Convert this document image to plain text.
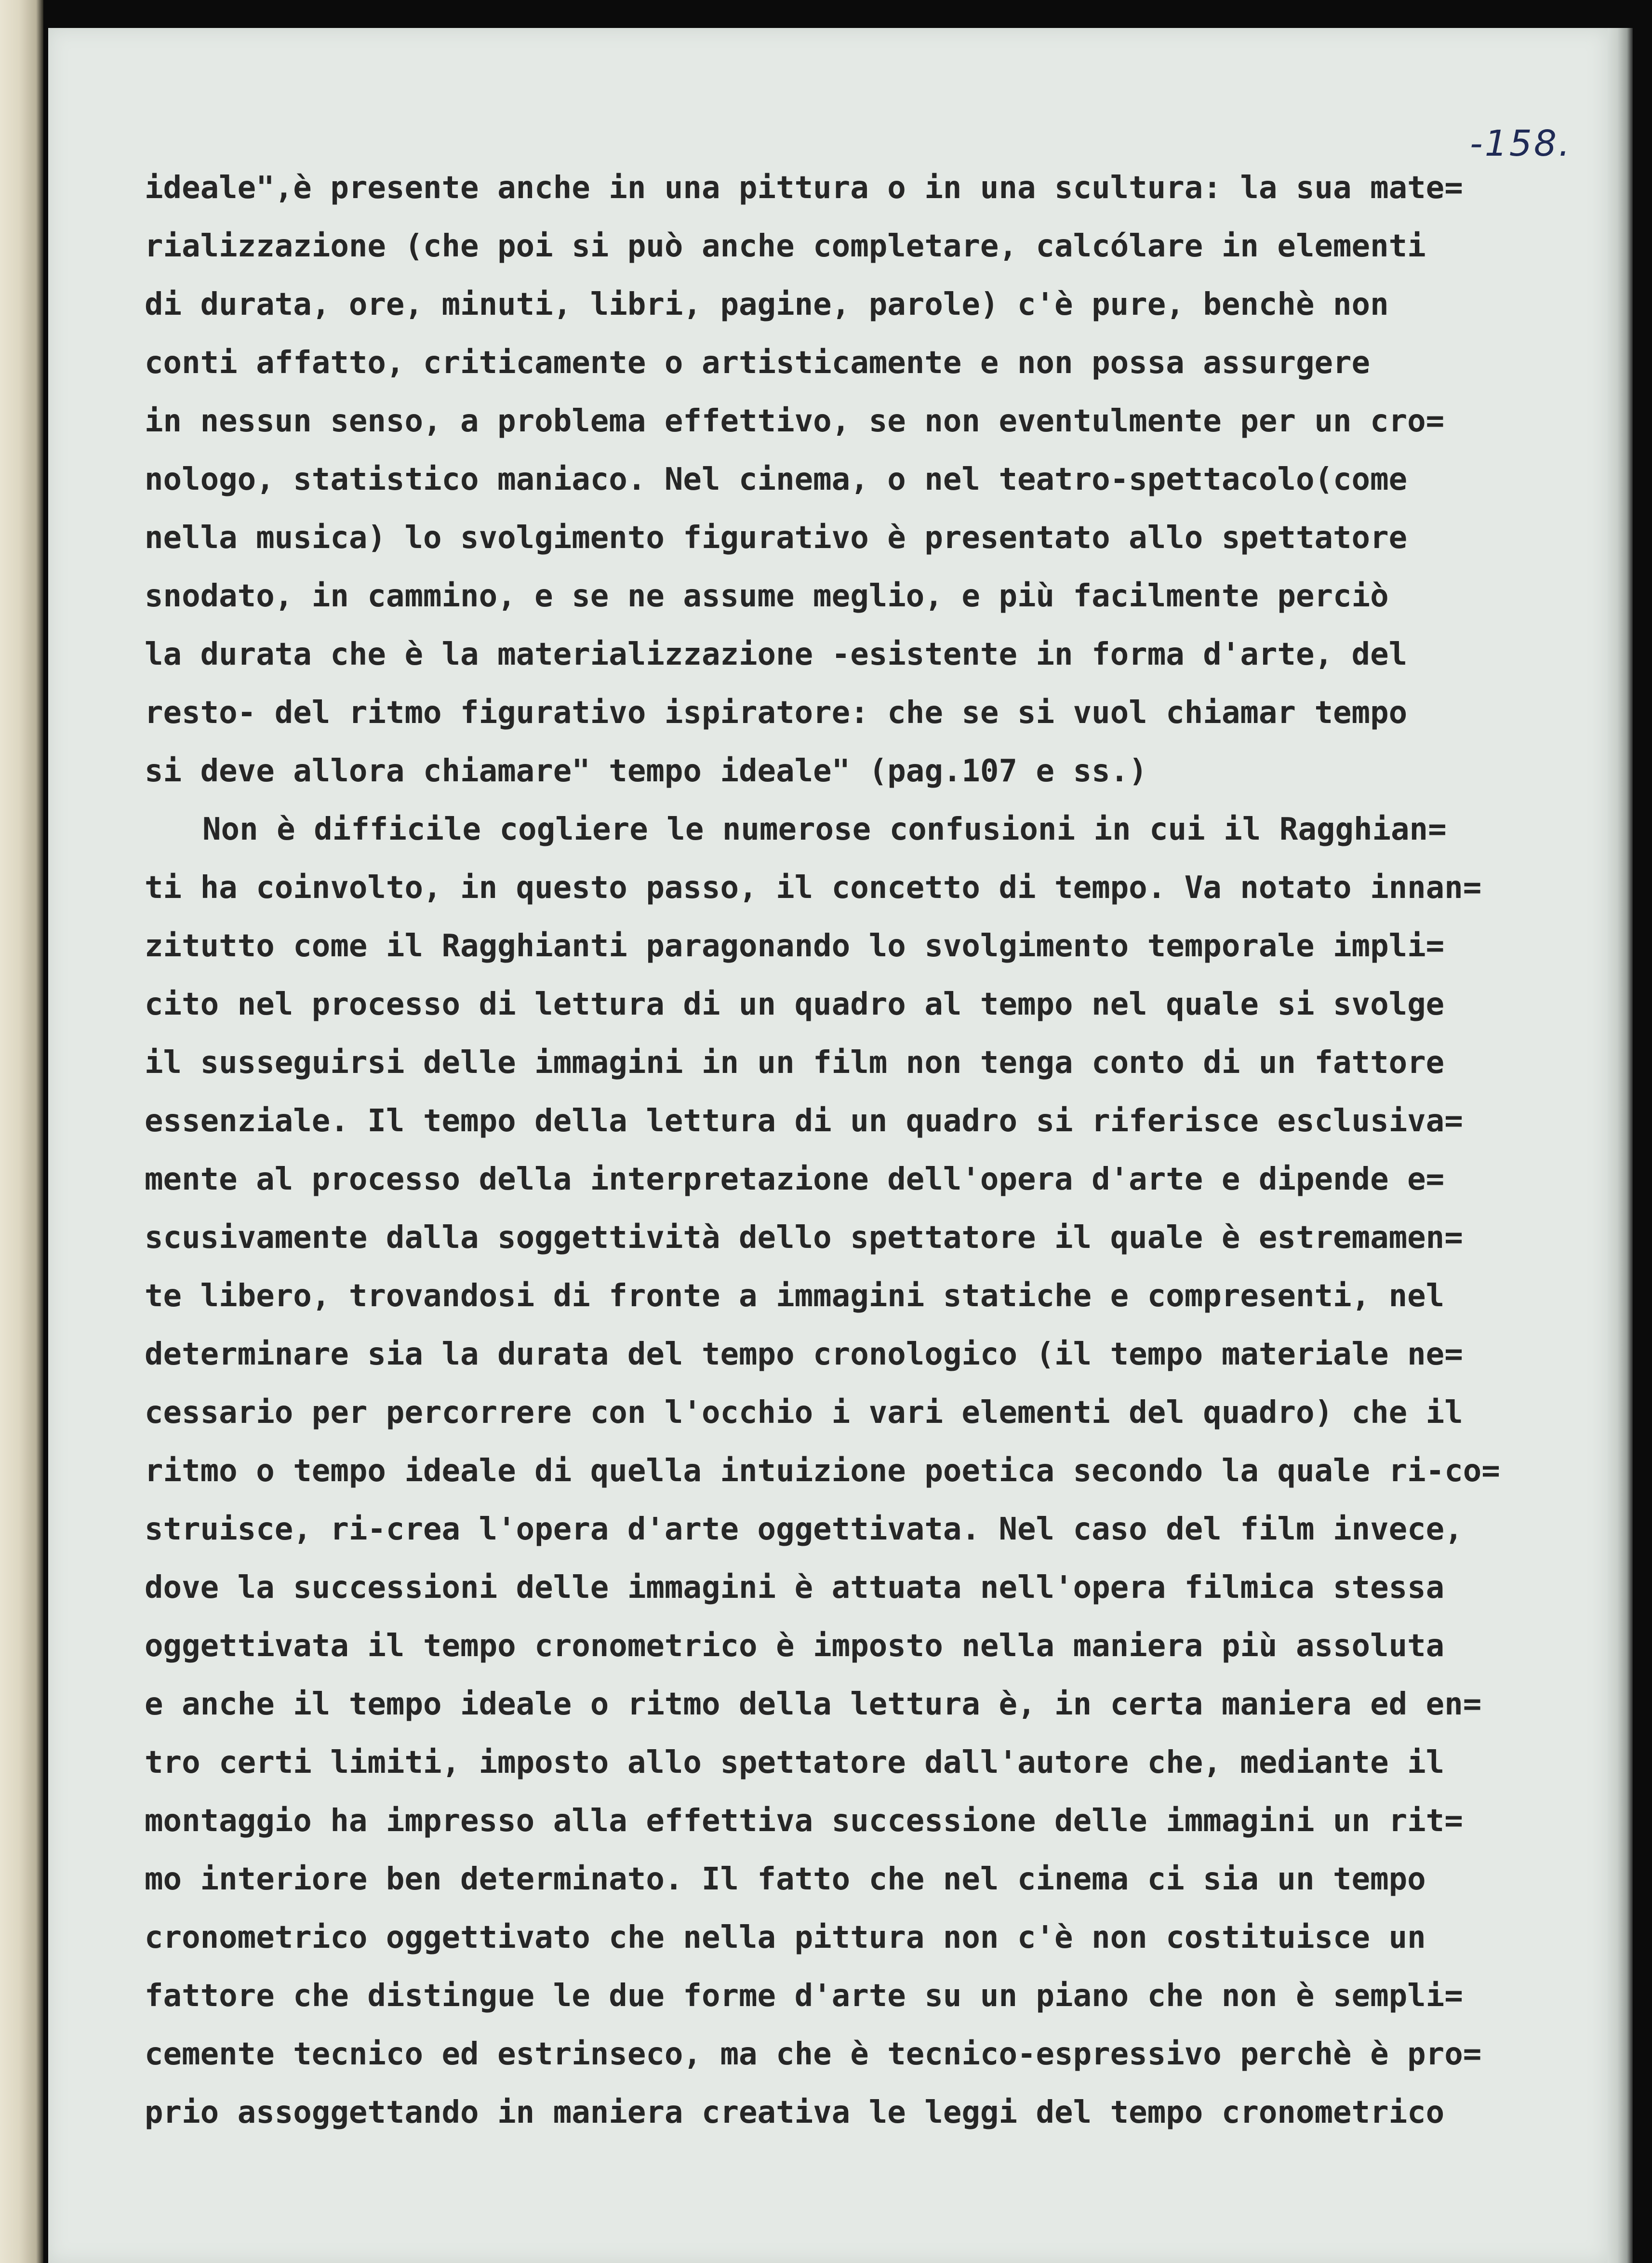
-158.
ideale",è presente anche in una pittura o in una scultura: la sua mate=
rializzazione (che poi si può anche completare, calcólare in elementi
di durata, ore, minuti, libri, pagine, parole) c'è pure, benchè non
conti affatto, criticamente o artisticamente e non possa assurgere
in nessun senso, a problema effettivo, se non eventulmente per un cro=
nologo, statistico maniaco. Nel cinema, o nel teatro-spettacolo(come
nella musica) lo svolgimento figurativo è presentato allo spettatore
snodato, in cammino, e se ne assume meglio, e più facilmente perciò
la durata che è la materializzazione -esistente in forma d'arte, del
resto- del ritmo figurativo ispiratore: che se si vuol chiamar tempo
si deve allora chiamare" tempo ideale" (pag.107 e ss.)
Non è difficile cogliere le numerose confusioni in cui il Ragghian=
ti ha coinvolto, in questo passo, il concetto di tempo. Va notato innan=
zitutto come il Ragghianti paragonando lo svolgimento temporale impli=
cito nel processo di lettura di un quadro al tempo nel quale si svolge
il susseguirsi delle immagini in un film non tenga conto di un fattore
essenziale. Il tempo della lettura di un quadro si riferisce esclusiva=
mente al processo della interpretazione dell'opera d'arte e dipende e=
scusivamente dalla soggettività dello spettatore il quale è estremamen=
te libero, trovandosi di fronte a immagini statiche e compresenti, nel
determinare sia la durata del tempo cronologico (il tempo materiale ne=
cessario per percorrere con l'occhio i vari elementi del quadro) che il
ritmo o tempo ideale di quella intuizione poetica secondo la quale ri-co=
struisce, ri-crea l'opera d'arte oggettivata. Nel caso del film invece,
dove la successioni delle immagini è attuata nell'opera filmica stessa
oggettivata il tempo cronometrico è imposto nella maniera più assoluta
e anche il tempo ideale o ritmo della lettura è, in certa maniera ed en=
tro certi limiti, imposto allo spettatore dall'autore che, mediante il
montaggio ha impresso alla effettiva successione delle immagini un rit=
mo interiore ben determinato. Il fatto che nel cinema ci sia un tempo
cronometrico oggettivato che nella pittura non c'è non costituisce un
fattore che distingue le due forme d'arte su un piano che non è sempli=
cemente tecnico ed estrinseco, ma che è tecnico-espressivo perchè è pro=
prio assoggettando in maniera creativa le leggi del tempo cronometrico
